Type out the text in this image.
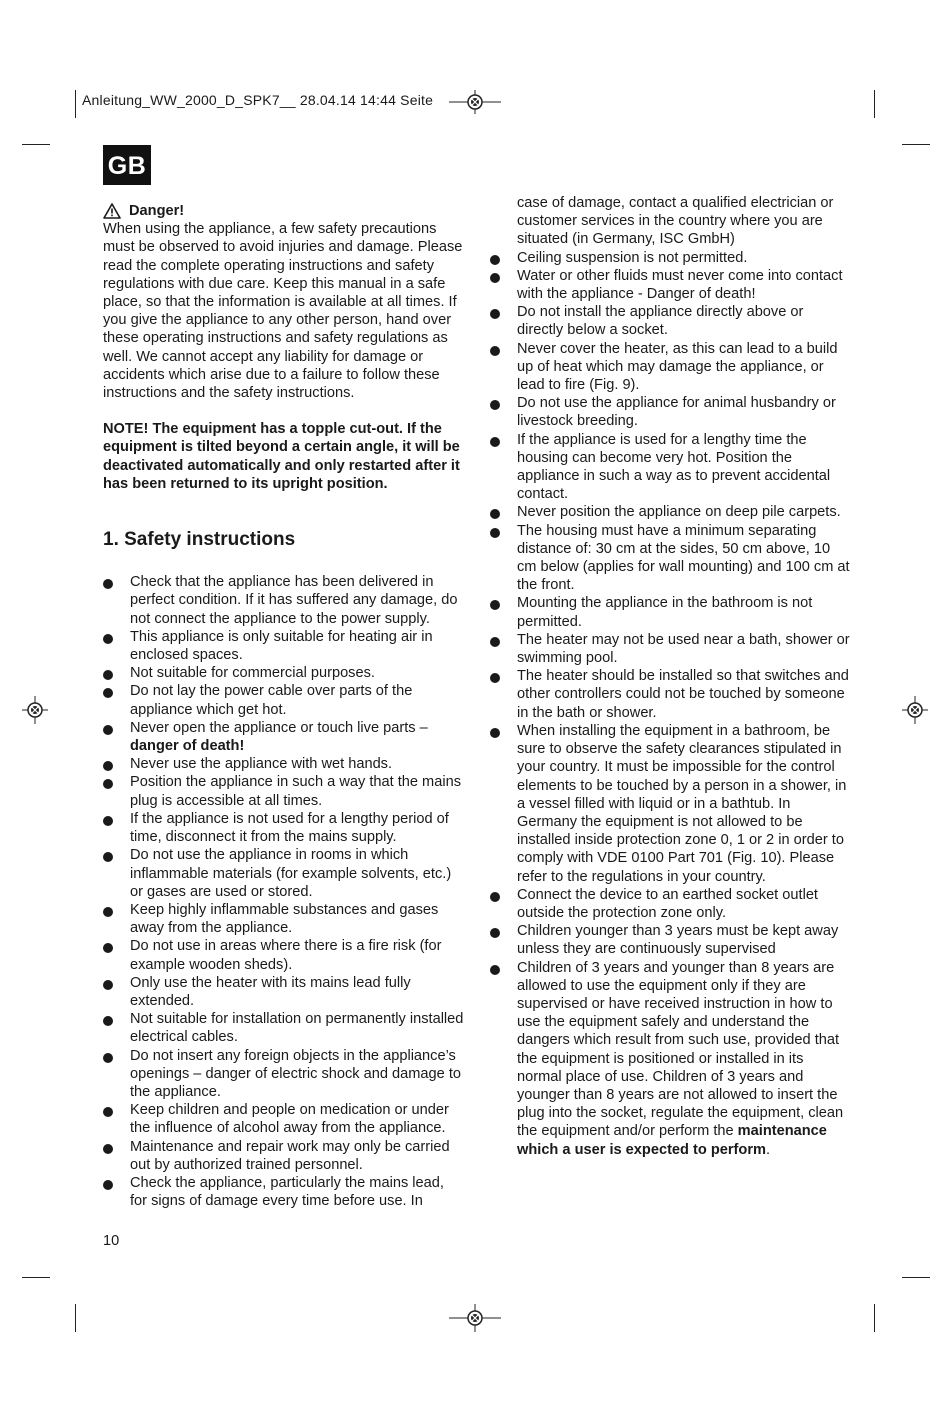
Anleitung_WW_2000_D_SPK7__ 28.04.14 14:44 Seite
GB
Danger!

When using the appliance, a few safety precautions must be observed to avoid injuries and damage. Please read the complete operating instructions and safety regulations with due care. Keep this manual in a safe place, so that the information is available at all times. If you give the appliance to any other person, hand over these operating instructions and safety regulations as well. We cannot accept any liability for damage or accidents which arise due to a failure to follow these instructions and the safety instructions.

NOTE! The equipment has a topple cut-out. If the equipment is tilted beyond a certain angle, it will be deactivated automatically and only restarted after it has been returned to its upright position.

1. Safety instructions
Check that the appliance has been delivered in perfect condition. If it has suffered any damage, do not connect the appliance to the power supply.
This appliance is only suitable for heating air in enclosed spaces.
Not suitable for commercial purposes.
Do not lay the power cable over parts of the appliance which get hot.
Never open the appliance or touch live parts – danger of death!
Never use the appliance with wet hands.
Position the appliance in such a way that the mains plug is accessible at all times.
If the appliance is not used for a lengthy period of time, disconnect it from the mains supply.
Do not use the appliance in rooms in which inflammable materials (for example solvents, etc.) or gases are used or stored.
Keep highly inflammable substances and gases away from the appliance.
Do not use in areas where there is a fire risk (for example wooden sheds).
Only use the heater with its mains lead fully extended.
Not suitable for installation on permanently installed electrical cables.
Do not insert any foreign objects in the appliance’s openings – danger of electric shock and damage to the appliance.
Keep children and people on medication or under the influence of alcohol away from the appliance.
Maintenance and repair work may only be carried out by authorized trained personnel.
Check the appliance, particularly the mains lead, for signs of damage every time before use. In

case of damage, contact a qualified electrician or customer services in the country where you are situated (in Germany, ISC GmbH)

Ceiling suspension is not permitted.
Water or other fluids must never come into contact with the appliance - Danger of death!
Do not install the appliance directly above or directly below a socket.
Never cover the heater, as this can lead to a build up of heat which may damage the appliance, or lead to fire (Fig. 9).
Do not use the appliance for animal husbandry or livestock breeding.
If the appliance is used for a lengthy time the housing can become very hot. Position the appliance in such a way as to prevent accidental contact.
Never position the appliance on deep pile carpets.
The housing must have a minimum separating distance of: 30 cm at the sides, 50 cm above, 10 cm below (applies for wall mounting) and 100 cm at the front.
Mounting the appliance in the bathroom is not permitted.
The heater may not be used near a bath, shower or swimming pool.
The heater should be installed so that switches and other controllers could not be touched by someone in the bath or shower.
When installing the equipment in a bathroom, be sure to observe the safety clearances stipulated in your country. It must be impossible for the control elements to be touched by a person in a shower, in a vessel filled with liquid or in a bathtub. In Germany the equipment is not allowed to be installed inside protection zone 0, 1 or 2 in order to comply with VDE 0100 Part 701 (Fig. 10). Please refer to the regulations in your country.
Connect the device to an earthed socket outlet outside the protection zone only.
Children younger than 3 years must be kept away unless they are continuously supervised
Children of 3 years and younger than 8 years are allowed to use the equipment only if they are supervised or have received instruction in how to use the equipment safely and understand the dangers which result from such use, provided that the equipment is positioned or installed in its normal place of use. Children of 3 years and younger than 8 years are not allowed to insert the plug into the socket, regulate the equipment, clean the equipment and/or perform the maintenance which a user is expected to perform.
10
